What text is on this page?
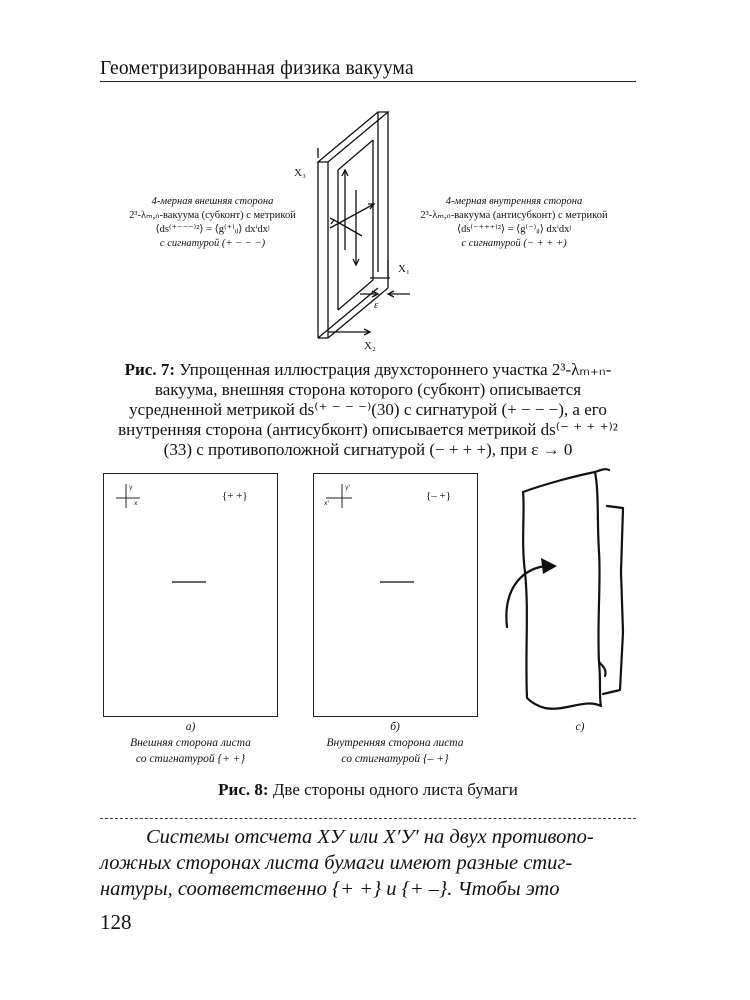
Геометризированная физика вакуума
4-мерная внешняя сторона
2³-λₘ,ₙ-вакуума (субконт) с метрикой
⟨ds⁽⁺⁻⁻⁻⁾²⟩ = ⟨g⁽⁺⁾ᵢⱼ⟩ dxⁱdxʲ
с сигнатурой (+ − − −)
4-мерная внутренняя сторона
2³-λₘ,ₙ-вакуума (антисубконт) с метрикой
⟨ds⁽⁻⁺⁺⁺⁾²⟩ = ⟨g⁽⁻⁾ᵢⱼ⟩ dxⁱdxʲ
с сигнатурой (− + + +)
X₃
X₁
ε
X₂
Рис. 7: Упрощенная иллюстрация двухстороннего участка 2³-λₘ₊ₙ-
вакуума, внешняя сторона которого (субконт) описывается
усредненной метрикой ds⁽⁺ ⁻ ⁻ ⁻⁾(30) с сигнатурой (+ − − −), а его
внутренняя сторона (антисубконт) описывается метрикой ds⁽⁻ ⁺ ⁺ ⁺⁾²
(33) с противоположной сигнатурой (− + + +), при ε → 0
y
x
{+ +}
y'
x'
{– +}
а)
Внешняя сторона листа
со стигнатурой {+ +}
б)
Внутренняя сторона листа
со стигнатурой {– +}
с)
Рис. 8: Две стороны одного листа бумаги
Системы отсчета ХУ или Х′У′ на двух противопо-
ложных сторонах листа бумаги имеют разные стиг-
натуры, соответственно {+ +} и {+ –}. Чтобы это
128
